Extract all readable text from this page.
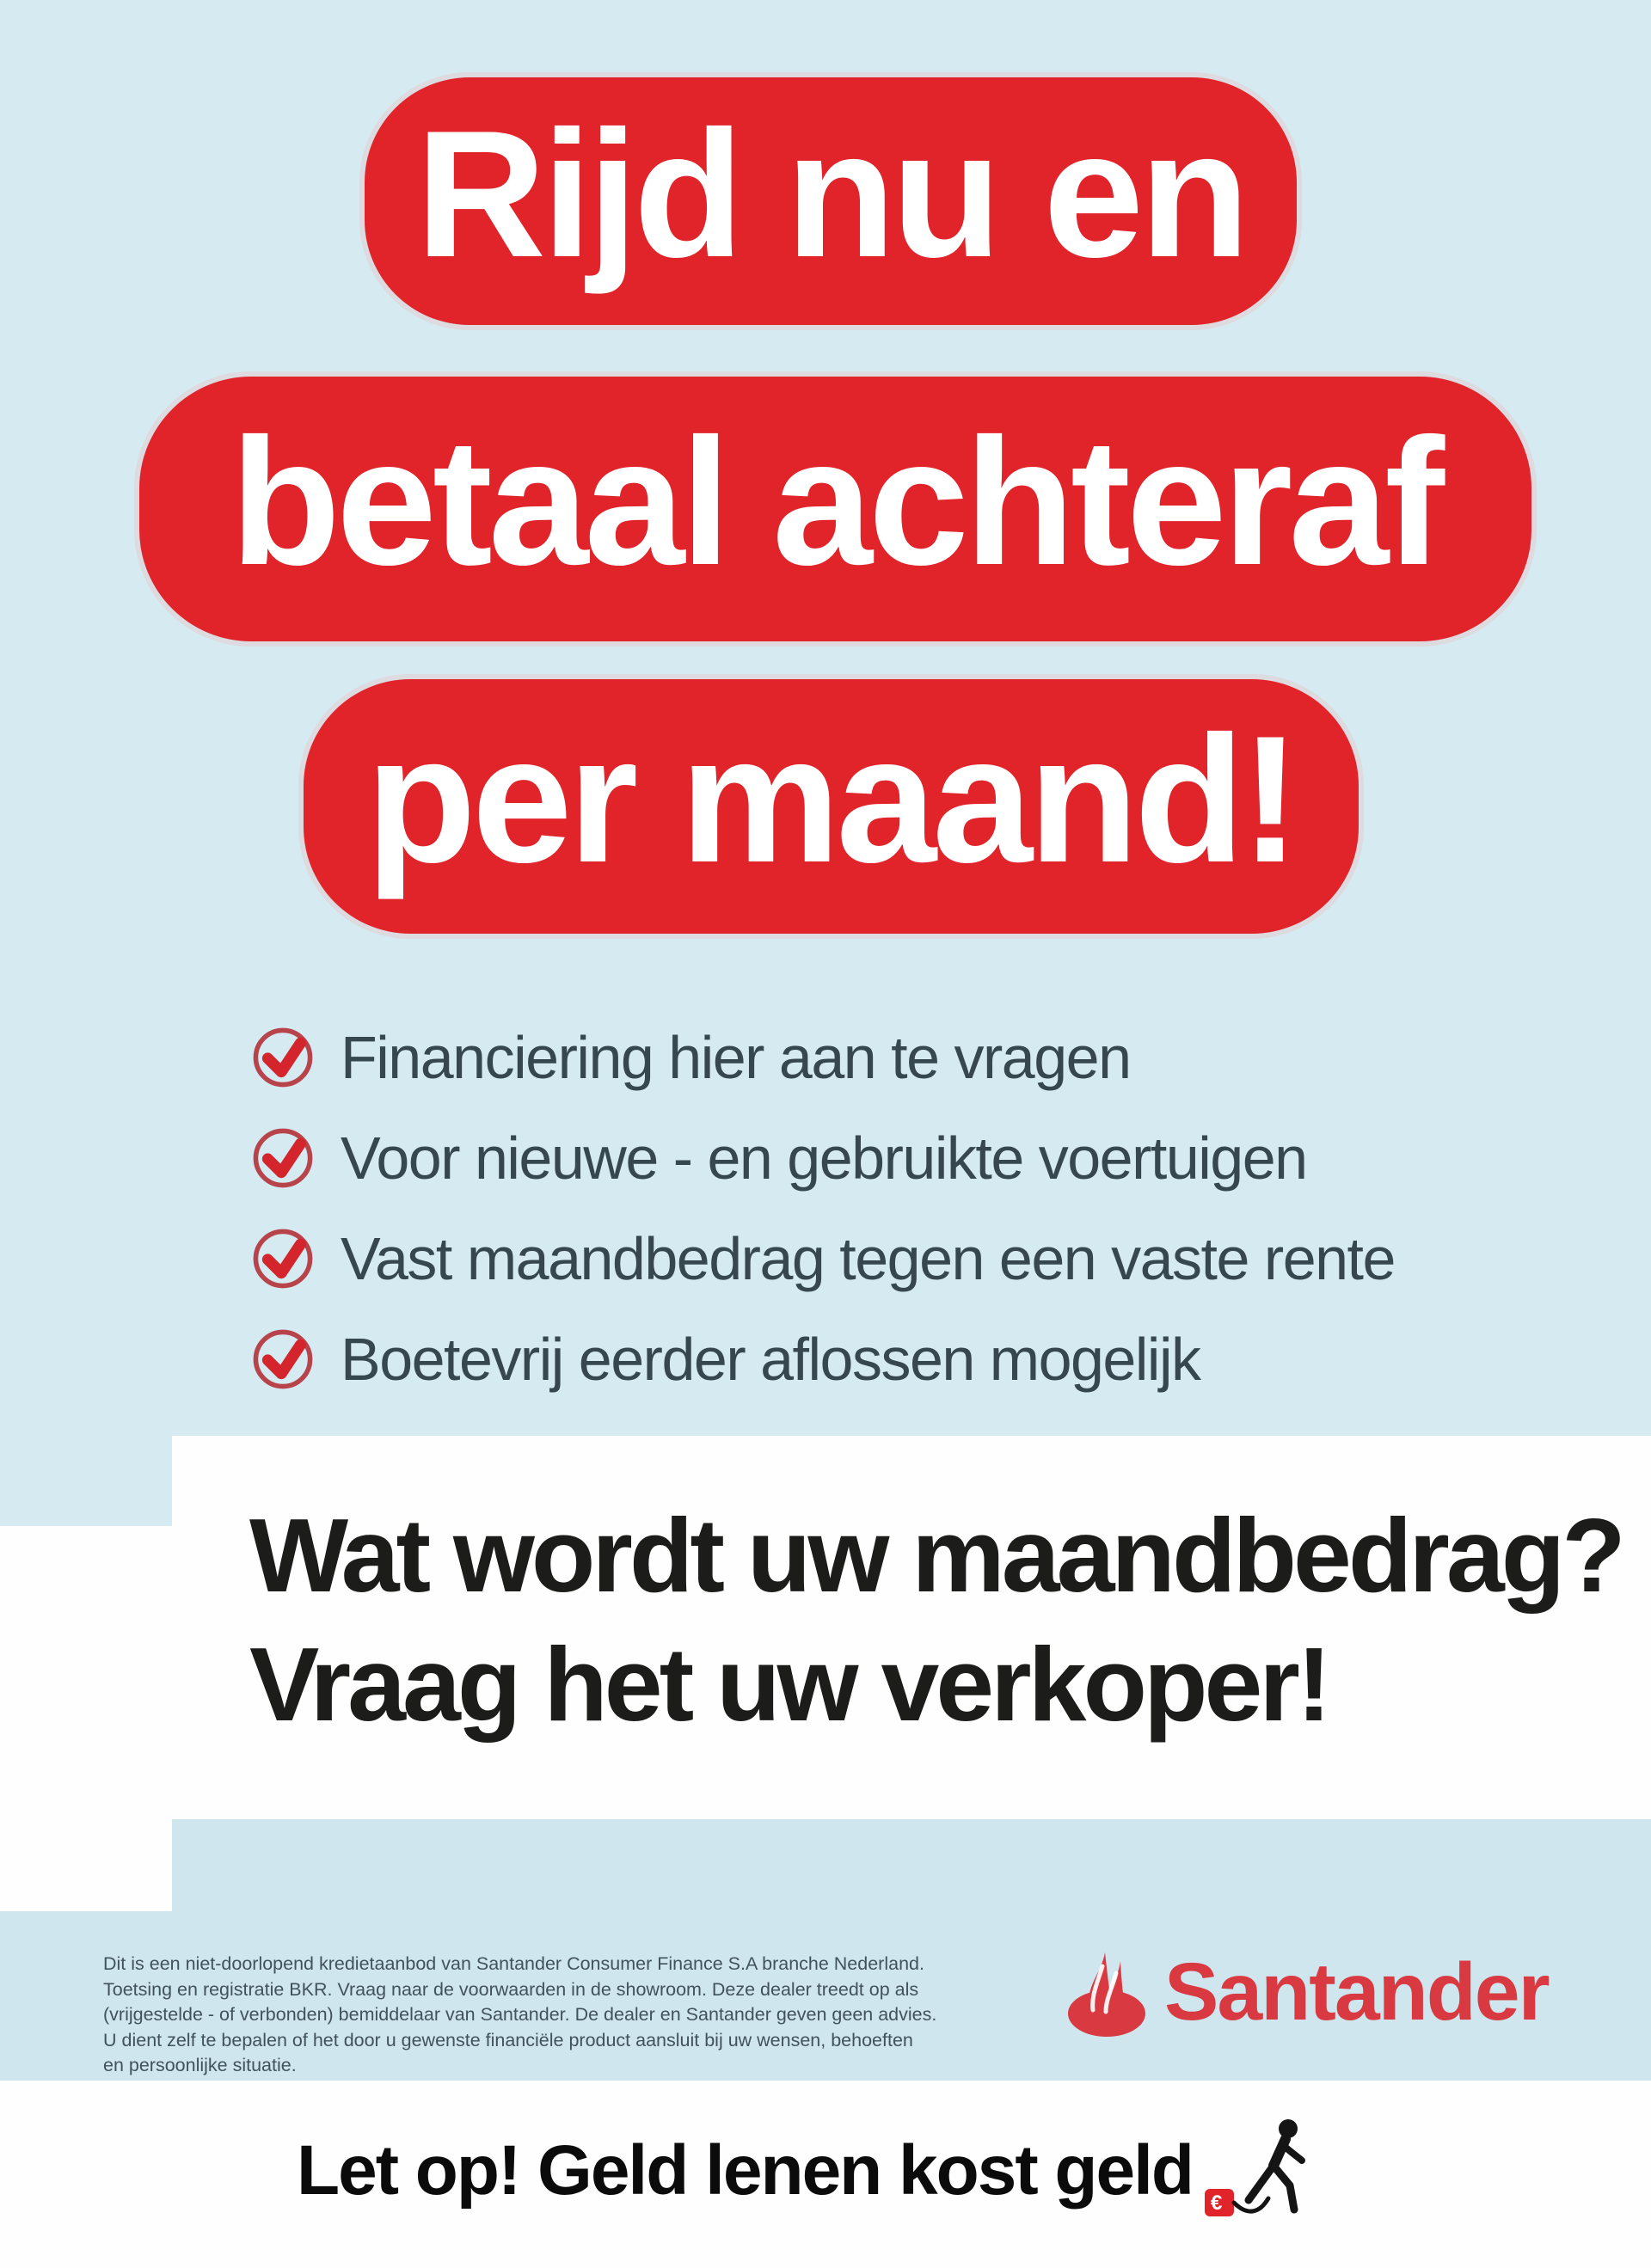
Rijd nu en
betaal achteraf
per maand!
Financiering hier aan te vragen
Voor nieuwe - en gebruikte voertuigen
Vast maandbedrag tegen een vaste rente
Boetevrij eerder aflossen mogelijk
Wat wordt uw maandbedrag?
Vraag het uw verkoper!
Dit is een niet-doorlopend kredietaanbod van Santander Consumer Finance S.A branche Nederland.
Toetsing en registratie BKR. Vraag naar de voorwaarden in de showroom. Deze dealer treedt op als
(vrijgestelde - of verbonden) bemiddelaar van Santander. De dealer en Santander geven geen advies.
U dient zelf te bepalen of het door u gewenste financiële product aansluit bij uw wensen, behoeften
en persoonlijke situatie.
Santander
Let op! Geld lenen kost geld €
